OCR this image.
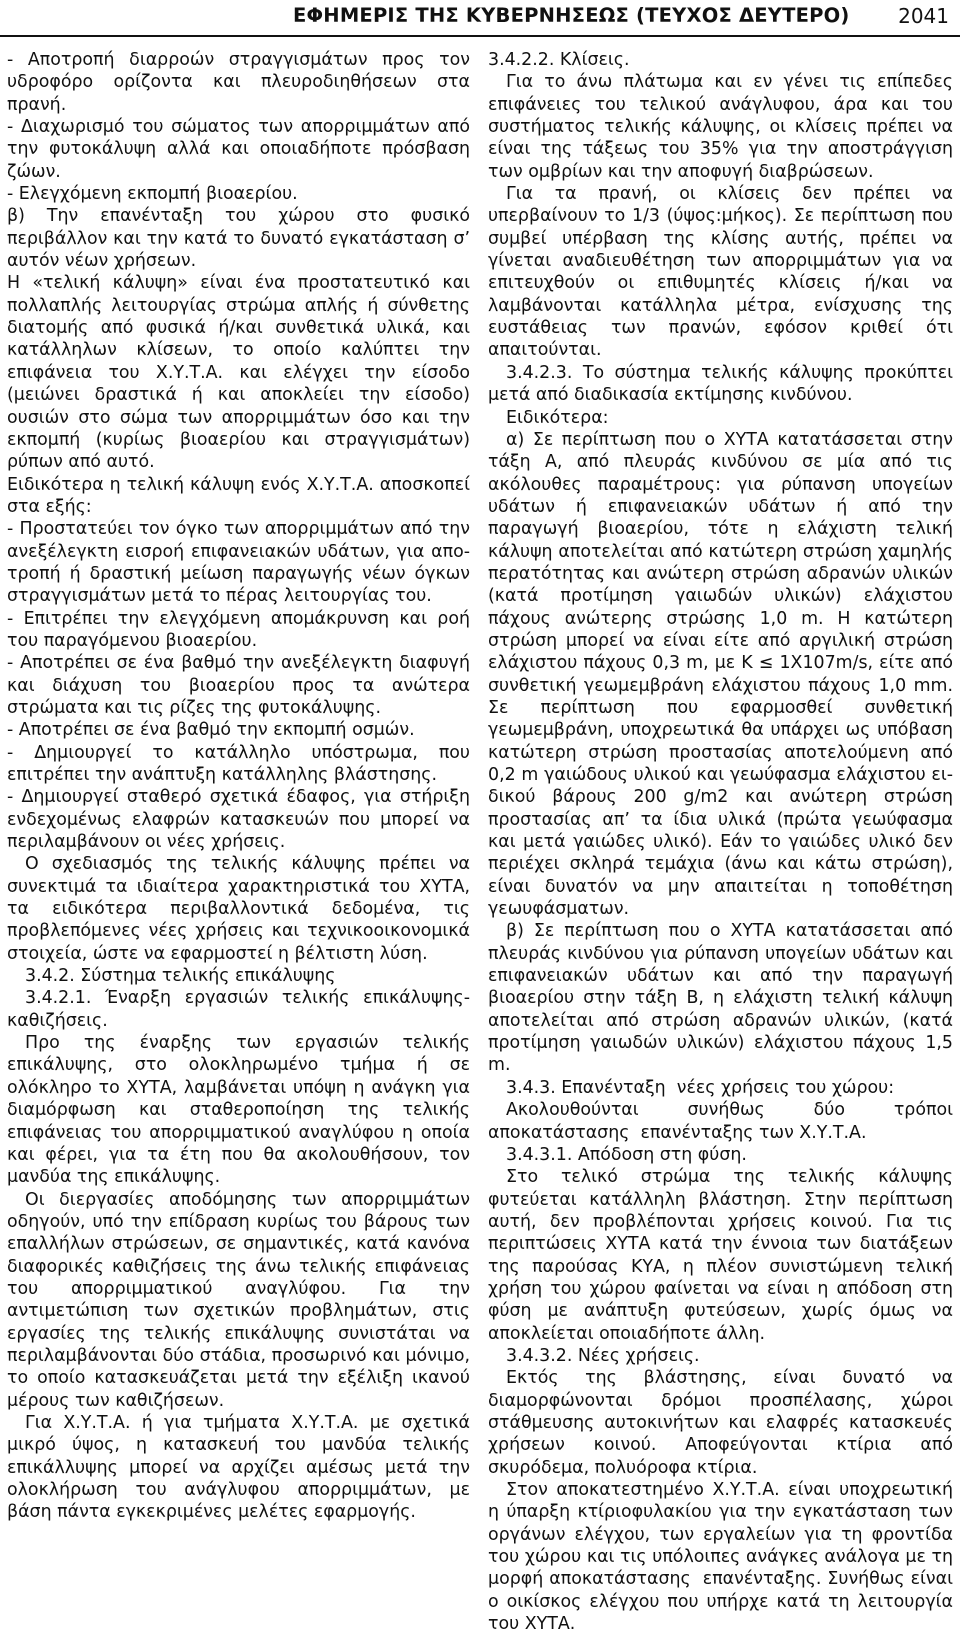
ΕΦΗΜΕΡΙΣ ΤΗΣ ΚΥΒΕΡΝΗΣΕΩΣ (ΤΕΥΧΟΣ ΔΕΥΤΕΡΟ) 2041

- Αποτροπή διαρροών στραγγισμάτων προς τον υδροφόρο ορίζοντα και πλευροδιηθήσεων στα πρανή.

- Διαχωρισμό του σώματος των απορριμμάτων από την φυτοκάλυψη αλλά και οποιαδήποτε πρόσβαση ζώων.

- Ελεγχόμενη εκπομπή βιοαερίου.

β) Την επανένταξη του χώρου στο φυσικό περιβάλλον και την κατά το δυνατό εγκατάσταση σ’ αυτόν νέων χρήσεων.

Η «τελική κάλυψη» είναι ένα προστατευτικό και πολλαπλής λειτουργίας στρώμα απλής ή σύνθετης διατομής από φυσικά ή/και συνθετικά υλικά, και κατάλληλων κλίσεων, το οποίο καλύπτει την επιφάνεια του Χ.Υ.Τ.Α. και ελέγχει την είσοδο (μειώνει δραστικά ή και αποκλείει την είσοδο) ουσιών στο σώμα των απορριμμάτων όσο και την εκπομπή (κυρίως βιοαερίου και στραγγισμάτων) ρύπων από αυτό.

Ειδικότερα η τελική κάλυψη ενός Χ.Υ.Τ.Α. αποσκοπεί στα εξής:

- Προστατεύει τον όγκο των απορριμμάτων από την ανεξέλεγκτη εισροή επιφανειακών υδάτων, για αποτροπή ή δραστική μείωση παραγωγής νέων όγκων στραγγισμάτων μετά το πέρας λειτουργίας του.

- Επιτρέπει την ελεγχόμενη απομάκρυνση και ροή του παραγόμενου βιοαερίου.

- Αποτρέπει σε ένα βαθμό την ανεξέλεγκτη διαφυγή και διάχυση του βιοαερίου προς τα ανώτερα στρώματα και τις ρίζες της φυτοκάλυψης.

- Αποτρέπει σε ένα βαθμό την εκπομπή οσμών.

- Δημιουργεί το κατάλληλο υπόστρωμα, που επιτρέπει την ανάπτυξη κατάλληλης βλάστησης.

- Δημιουργεί σταθερό σχετικά έδαφος, για στήριξη ενδεχομένως ελαφρών κατασκευών που μπορεί να περιλαμβάνουν οι νέες χρήσεις.

Ο σχεδιασμός της τελικής κάλυψης πρέπει να συνεκτιμά τα ιδιαίτερα χαρακτηριστικά του ΧΥΤΑ, τα ειδικότερα περιβαλλοντικά δεδομένα, τις προβλεπόμενες νέες χρήσεις και τεχνικοοικονομικά στοιχεία, ώστε να εφαρμοστεί η βέλτιστη λύση.

3.4.2. Σύστημα τελικής επικάλυψης

3.4.2.1. Έναρξη εργασιών τελικής επικάλυψηςκαθιζήσεις.

Προ της έναρξης των εργασιών τελικής επικάλυψης, στο ολοκληρωμένο τμήμα ή σε ολόκληρο το ΧΥΤΑ, λαμβάνεται υπόψη η ανάγκη για διαμόρφωση και σταθεροποίηση της τελικής επιφάνειας του απορριμματικού αναγλύφου η οποία και φέρει, για τα έτη που θα ακολουθήσουν, τον μανδύα της επικάλυψης.

Οι διεργασίες αποδόμησης των απορριμμάτων οδηγούν, υπό την επίδραση κυρίως του βάρους των επαλλήλων στρώσεων, σε σημαντικές, κατά κανόνα διαφορικές καθιζήσεις της άνω τελικής επιφάνειας του απορριμματικού αναγλύφου. Για την αντιμετώπιση των σχετικών προβλημάτων, στις εργασίες της τελικής επικάλυψης συνιστάται να περιλαμβάνονται δύο στάδια, προσωρινό και μόνιμο, το οποίο κατασκευάζεται μετά την εξέλιξη ικανού μέρους των καθιζήσεων.

Για Χ.Υ.Τ.Α. ή για τμήματα Χ.Υ.Τ.Α. με σχετικά μικρό ύψος, η κατασκευή του μανδύα τελικής επικάλλυψης μπορεί να αρχίζει αμέσως μετά την ολοκλήρωση του ανάγλυφου απορριμμάτων, με βάση πάντα εγκεκριμένες μελέτες εφαρμογής.

3.4.2.2. Κλίσεις.

Για το άνω πλάτωμα και εν γένει τις επίπεδες επιφάνειες του τελικού ανάγλυφου, άρα και του συστήματος τελικής κάλυψης, οι κλίσεις πρέπει να είναι της τάξεως του 35% για την αποστράγγιση των ομβρίων και την αποφυγή διαβρώσεων.

Για τα πρανή, οι κλίσεις δεν πρέπει να υπερβαίνουν το 1/3 (ύψος:μήκος). Σε περίπτωση που συμβεί υπέρβαση της κλίσης αυτής, πρέπει να γίνεται αναδιευθέτηση των απορριμμάτων για να επιτευχθούν οι επιθυμητές κλίσεις ή/και να λαμβάνονται κατάλληλα μέτρα, ενίσχυσης της ευστάθειας των πρανών, εφόσον κριθεί ότι απαιτούνται.

3.4.2.3. Το σύστημα τελικής κάλυψης προκύπτει μετά από διαδικασία εκτίμησης κινδύνου.

Ειδικότερα:

α) Σε περίπτωση που ο ΧΥΤΑ κατατάσσεται στην τάξη Α, από πλευράς κινδύνου σε μία από τις ακόλουθες παραμέτρους: για ρύπανση υπογείων υδάτων ή επιφανειακών υδάτων ή από την παραγωγή βιοαερίου, τότε η ελάχιστη τελική κάλυψη αποτελείται από κατώτερη στρώση χαμηλής περατότητας και ανώτερη στρώση αδρανών υλικών (κατά προτίμηση γαιωδών υλικών) ελάχιστου πάχους ανώτερης στρώσης 1,0 m. Η κατώτερη στρώση μπορεί να είναι είτε από αργιλική στρώση ελάχιστου πάχους 0,3 m, με K ≤ 1Χ107m/s, είτε από συνθετική γεωμεμβράνη ελάχιστου πάχους 1,0 mm. Σε περίπτωση που εφαρμοσθεί συνθετική γεωμεμβράνη, υποχρεωτικά θα υπάρχει ως υπόβαση κατώτερη στρώση προστασίας αποτελούμενη από 0,2 m γαιώδους υλικού και γεωύφασμα ελάχιστου ειδικού βάρους 200 g/m2 και ανώτερη στρώση προστασίας απ’ τα ίδια υλικά (πρώτα γεωύφασμα και μετά γαιώδες υλικό). Εάν το γαιώδες υλικό δεν περιέχει σκληρά τεμάχια (άνω και κάτω στρώση), είναι δυνατόν να μην απαιτείται η τοποθέτηση γεωυφάσματων.

β) Σε περίπτωση που ο ΧΥΤΑ κατατάσσεται από πλευράς κινδύνου για ρύπανση υπογείων υδάτων και επιφανειακών υδάτων και από την παραγωγή βιοαερίου στην τάξη Β, η ελάχιστη τελική κάλυψη αποτελείται από στρώση αδρανών υλικών, (κατά προτίμηση γαιωδών υλικών) ελάχιστου πάχους 1,5 m.

3.4.3. Επανένταξη νέες χρήσεις του χώρου:

Ακολουθούνται συνήθως δύο τρόποι αποκατάστασης επανένταξης των Χ.Υ.Τ.Α.

3.4.3.1. Απόδοση στη φύση.

Στο τελικό στρώμα της τελικής κάλυψης φυτεύεται κατάλληλη βλάστηση. Στην περίπτωση αυτή, δεν προβλέπονται χρήσεις κοινού. Για τις περιπτώσεις ΧΥΤΑ κατά την έννοια των διατάξεων της παρούσας ΚΥΑ, η πλέον συνιστώμενη τελική χρήση του χώρου φαίνεται να είναι η απόδοση στη φύση με ανάπτυξη φυτεύσεων, χωρίς όμως να αποκλείεται οποιαδήποτε άλλη.

3.4.3.2. Νέες χρήσεις.

Εκτός της βλάστησης, είναι δυνατό να διαμορφώνονται δρόμοι προσπέλασης, χώροι στάθμευσης αυτοκινήτων και ελαφρές κατασκευές χρήσεων κοινού. Αποφεύγονται κτίρια από σκυρόδεμα, πολυόροφα κτίρια.

Στον αποκατεστημένο Χ.Υ.Τ.Α. είναι υποχρεωτική η ύπαρξη κτίριοφυλακίου για την εγκατάσταση των οργάνων ελέγχου, των εργαλείων για τη φροντίδα του χώρου και τις υπόλοιπες ανάγκες ανάλογα με τη μορφή αποκατάστασης επανένταξης. Συνήθως είναι ο οικίσκος ελέγχου που υπήρχε κατά τη λειτουργία του ΧΥΤΑ.
